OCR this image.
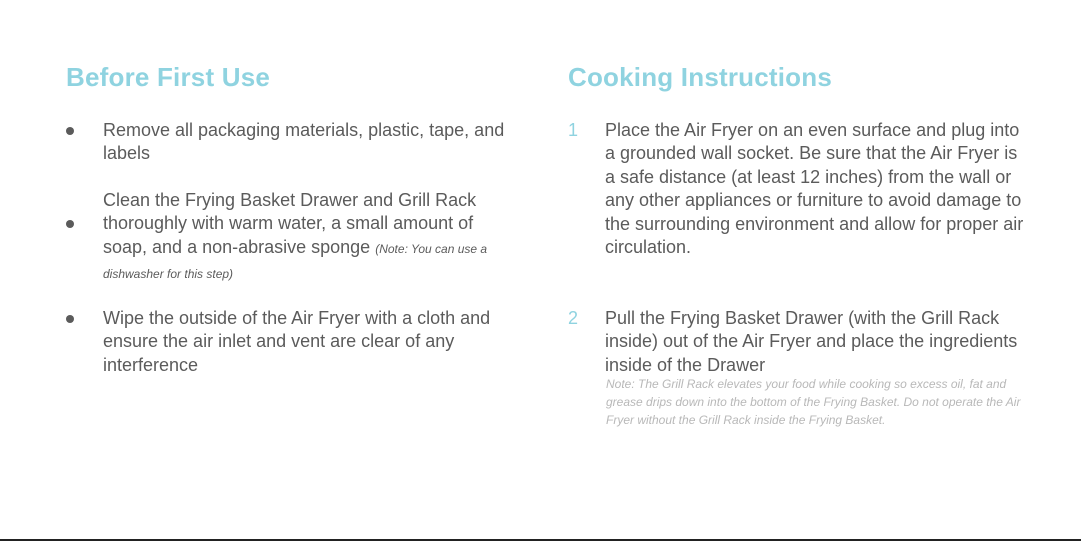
Before First Use
Remove all packaging materials, plastic, tape, and labels
Clean the Frying Basket Drawer and Grill Rack thoroughly with warm water, a small amount of soap, and a non-abrasive sponge (Note: You can use a dishwasher for this step)
Wipe the outside of the Air Fryer with a cloth and ensure the air inlet and vent are clear of any interference
Cooking Instructions
1 Place the Air Fryer on an even surface and plug into a grounded wall socket. Be sure that the Air Fryer is a safe distance (at least 12 inches) from the wall or any other appliances or furniture to avoid damage to the surrounding environment and allow for proper air circulation.
2 Pull the Frying Basket Drawer (with the Grill Rack inside) out of the Air Fryer and place the ingredients inside of the Drawer
Note: The Grill Rack elevates your food while cooking so excess oil, fat and grease drips down into the bottom of the Frying Basket. Do not operate the Air Fryer without the Grill Rack inside the Frying Basket.
